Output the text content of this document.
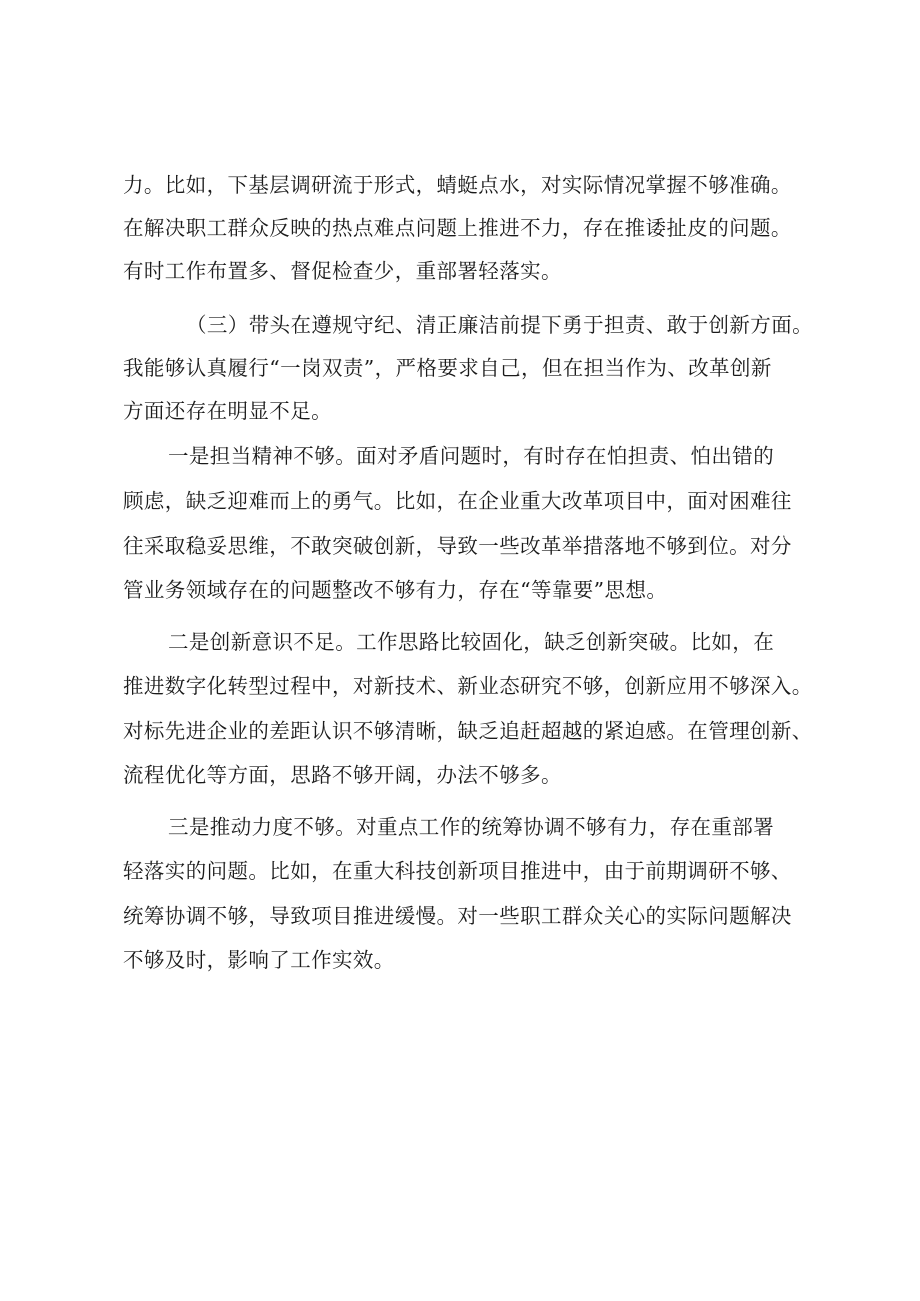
力。比如，下基层调研流于形式，蜻蜓点水，对实际情况掌握不够准确。
在解决职工群众反映的热点难点问题上推进不力，存在推诿扯皮的问题。
有时工作布置多、督促检查少，重部署轻落实。
（三）带头在遵规守纪、清正廉洁前提下勇于担责、敢于创新方面。
我能够认真履行“一岗双责”，严格要求自己，但在担当作为、改革创新
方面还存在明显不足。
一是担当精神不够。面对矛盾问题时，有时存在怕担责、怕出错的
顾虑，缺乏迎难而上的勇气。比如，在企业重大改革项目中，面对困难往
往采取稳妥思维，不敢突破创新，导致一些改革举措落地不够到位。对分
管业务领域存在的问题整改不够有力，存在“等靠要”思想。
二是创新意识不足。工作思路比较固化，缺乏创新突破。比如，在
推进数字化转型过程中，对新技术、新业态研究不够，创新应用不够深入。
对标先进企业的差距认识不够清晰，缺乏追赶超越的紧迫感。在管理创新、
流程优化等方面，思路不够开阔，办法不够多。
三是推动力度不够。对重点工作的统筹协调不够有力，存在重部署
轻落实的问题。比如，在重大科技创新项目推进中，由于前期调研不够、
统筹协调不够，导致项目推进缓慢。对一些职工群众关心的实际问题解决
不够及时，影响了工作实效。
